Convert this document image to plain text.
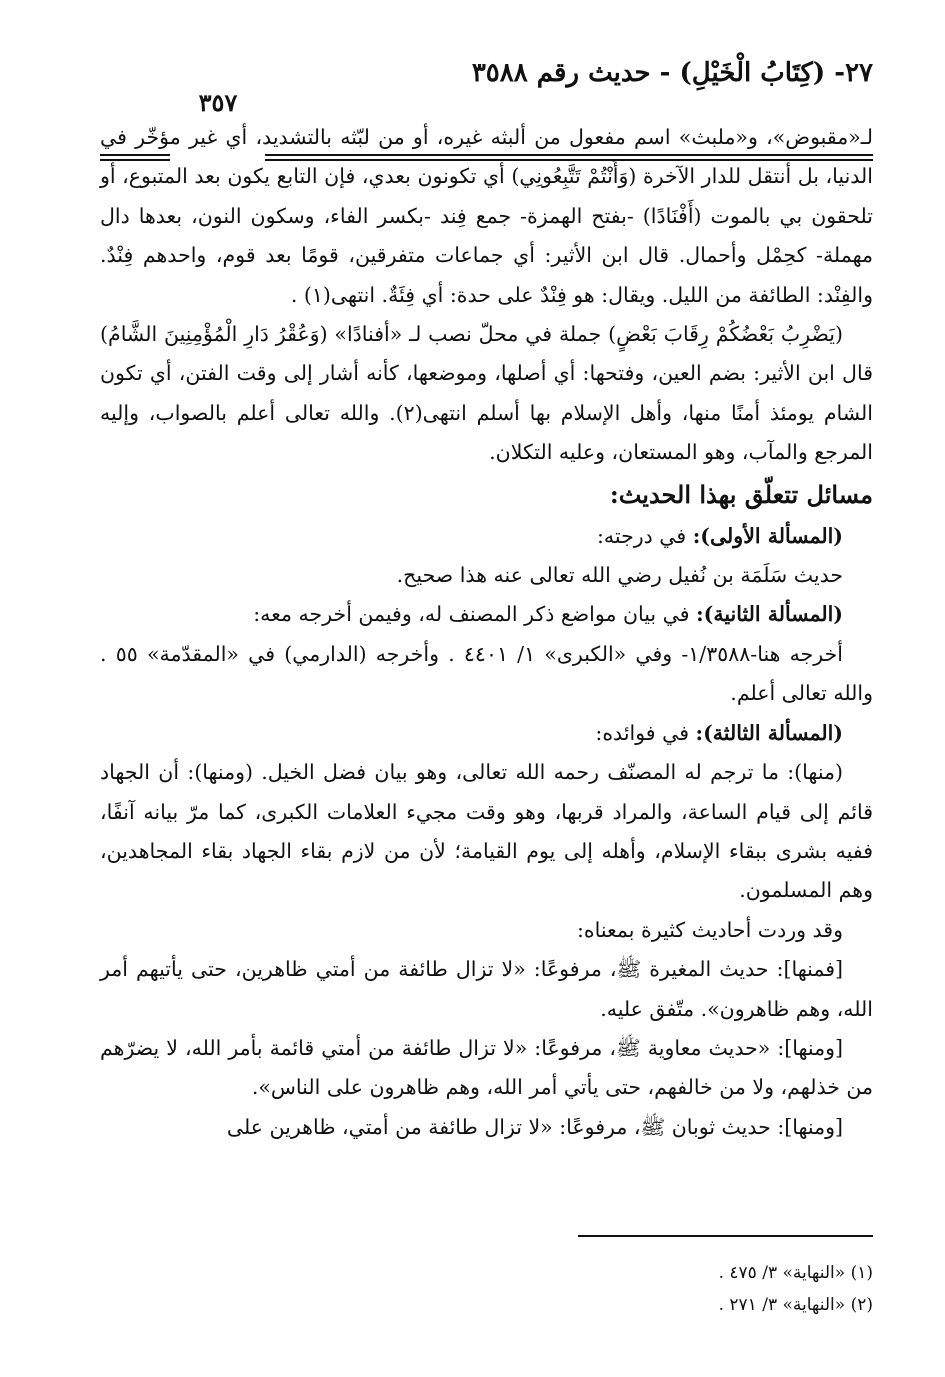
٢٧- (كِتَابُ الْخَيْلِ) - حديث رقم ٣٥٨٨
٣٥٧

لـ«مقبوض»، و«ملبث» اسم مفعول من ألبثه غيره، أو من لبّثه بالتشديد، أي غير مؤخّر في الدنيا، بل أنتقل للدار الآخرة (وَأَنْتُمْ تَتَّبِعُونِي) أي تكونون بعدي، فإن التابع يكون بعد المتبوع، أو تلحقون بي بالموت (أَفْنَادًا) -بفتح الهمزة- جمع فِند -بكسر الفاء، وسكون النون، بعدها دال مهملة- كحِمْل وأحمال. قال ابن الأثير: أي جماعات متفرقين، قومًا بعد قوم، واحدهم فِنْدٌ. والفِنْد: الطائفة من الليل. ويقال: هو فِنْدٌ على حدة: أي فِئَةٌ. انتهى(١) .

(يَضْرِبُ بَعْضُكُمْ رِقَابَ بَعْضٍ) جملة في محلّ نصب لـ «أفنادًا» (وَعُقْرُ دَارِ الْمُؤْمِنِينَ الشَّامُ) قال ابن الأثير: بضم العين، وفتحها: أي أصلها، وموضعها، كأنه أشار إلى وقت الفتن، أي تكون الشام يومئذ أمنًا منها، وأهل الإسلام بها أسلم انتهى(٢). والله تعالى أعلم بالصواب، وإليه المرجع والمآب، وهو المستعان، وعليه التكلان.

مسائل تتعلّق بهذا الحديث:

(المسألة الأولى): في درجته:

حديث سَلَمَة بن نُفيل رضي الله تعالى عنه هذا صحيح.

(المسألة الثانية): في بيان مواضع ذكر المصنف له، وفيمن أخرجه معه:

أخرجه هنا-١/٣٥٨٨- وفي «الكبرى» ١/ ٤٤٠١ . وأخرجه (الدارمي) في «المقدّمة» ٥٥ . والله تعالى أعلم.

(المسألة الثالثة): في فوائده:

(منها): ما ترجم له المصنّف رحمه الله تعالى، وهو بيان فضل الخيل. (ومنها): أن الجهاد قائم إلى قيام الساعة، والمراد قربها، وهو وقت مجيء العلامات الكبرى، كما مرّ بيانه آنفًا، ففيه بشرى ببقاء الإسلام، وأهله إلى يوم القيامة؛ لأن من لازم بقاء الجهاد بقاء المجاهدين، وهم المسلمون.

وقد وردت أحاديث كثيرة بمعناه:

[فمنها]: حديث المغيرة ﷺ، مرفوعًا: «لا تزال طائفة من أمتي ظاهرين، حتى يأتيهم أمر الله، وهم ظاهرون». متّفق عليه.

[ومنها]: «حديث معاوية ﷺ، مرفوعًا: «لا تزال طائفة من أمتي قائمة بأمر الله، لا يضرّهم من خذلهم، ولا من خالفهم، حتى يأتي أمر الله، وهم ظاهرون على الناس».

[ومنها]: حديث ثوبان ﷺ، مرفوعًا: «لا تزال طائفة من أمتي، ظاهرين على

(١) «النهاية» ٣/ ٤٧٥ .

(٢) «النهاية» ٣/ ٢٧١ .
